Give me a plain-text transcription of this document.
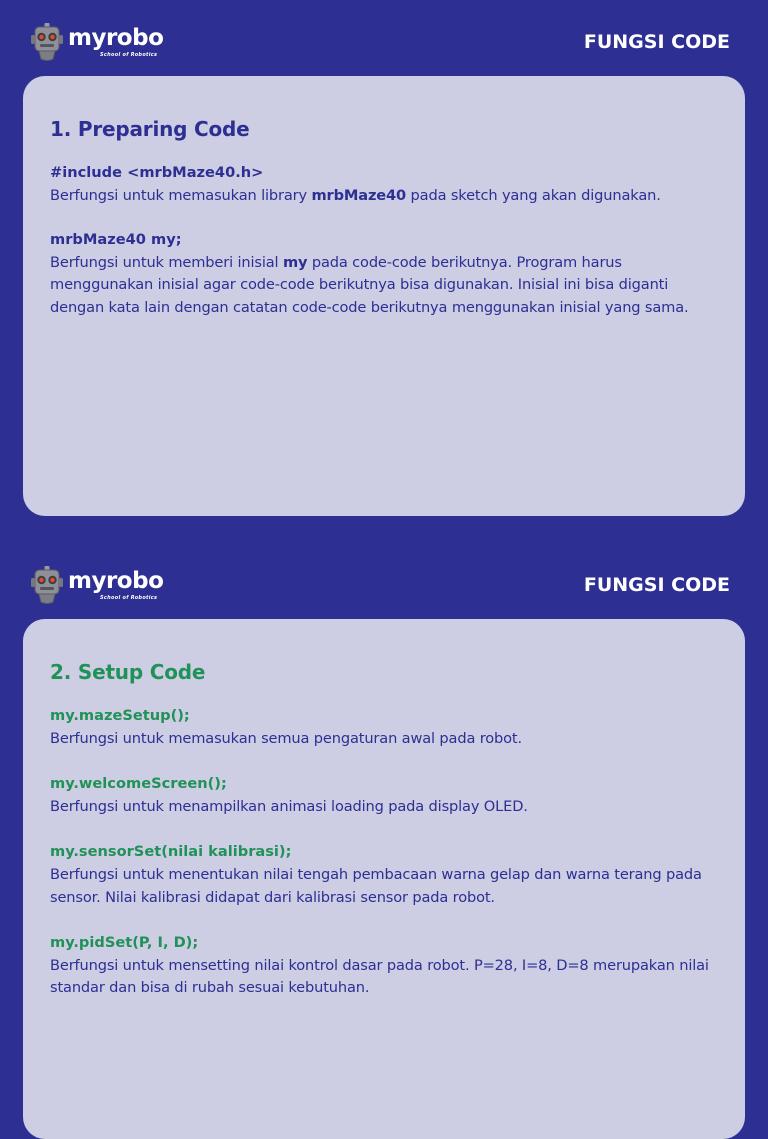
myrobo
School of Robotics
FUNGSI CODE
1. Preparing Code
#include <mrbMaze40.h>
Berfungsi untuk memasukan library mrbMaze40 pada sketch yang akan digunakan.
mrbMaze40 my;
Berfungsi untuk memberi inisial my pada code-code berikutnya. Program harus menggunakan inisial agar code-code berikutnya bisa digunakan. Inisial ini bisa diganti dengan kata lain dengan catatan code-code berikutnya menggunakan inisial yang sama.
myrobo
School of Robotics
FUNGSI CODE
2. Setup Code
my.mazeSetup();
Berfungsi untuk memasukan semua pengaturan awal pada robot.
my.welcomeScreen();
Berfungsi untuk menampilkan animasi loading pada display OLED.
my.sensorSet(nilai kalibrasi);
Berfungsi untuk menentukan nilai tengah pembacaan warna gelap dan warna terang pada sensor. Nilai kalibrasi didapat dari kalibrasi sensor pada robot.
my.pidSet(P, I, D);
Berfungsi untuk mensetting nilai kontrol dasar pada robot. P=28, I=8, D=8 merupakan nilai standar dan bisa di rubah sesuai kebutuhan.
